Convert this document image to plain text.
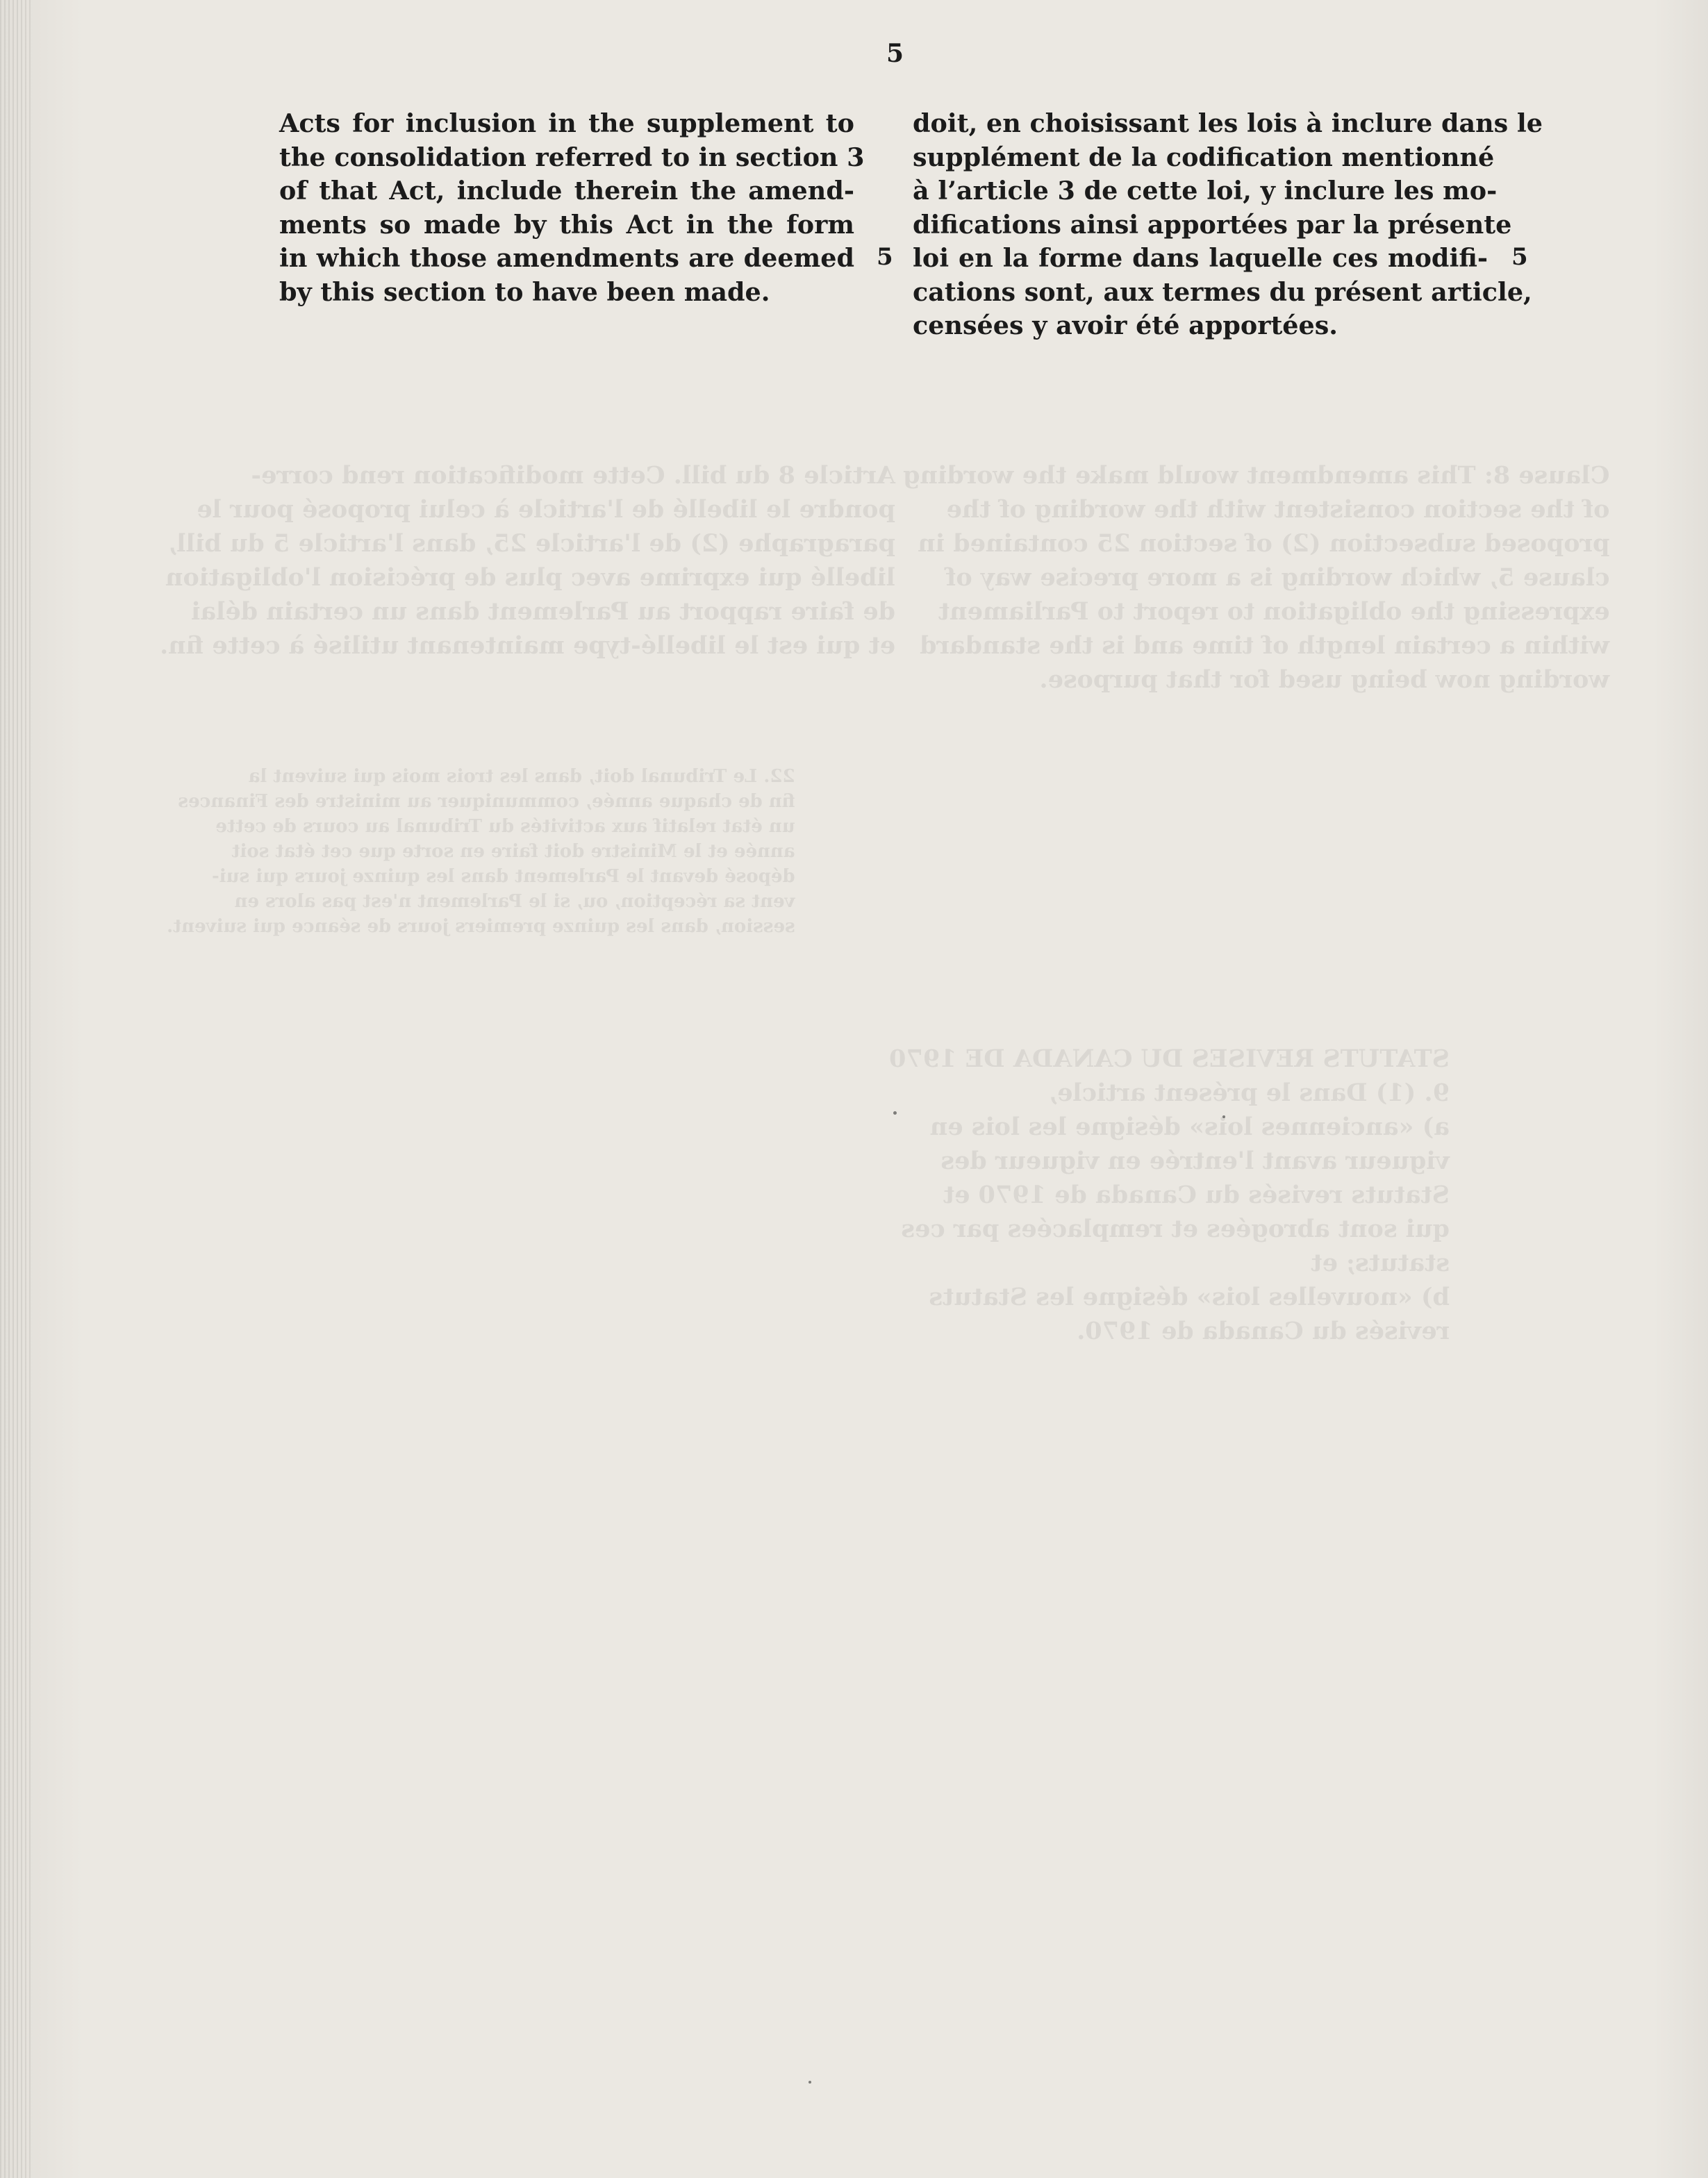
Article 8 du bill. Cette modification rend corre-
pondre le libellé de l'article à celui proposé pour le
paragraphe (2) de l'article 25, dans l'article 5 du bill,
libellé qui exprime avec plus de précision l'obligation
de faire rapport au Parlement dans un certain délai
et qui est le libellé-type maintenant utilisé à cette fin.
22. Le Tribunal doit, dans les trois mois qui suivent la
fin de chaque année, communiquer au ministre des Finances
un état relatif aux activités du Tribunal au cours de cette
année et le Ministre doit faire en sorte que cet état soit
déposé devant le Parlement dans les quinze jours qui sui-
vent sa réception, ou, si le Parlement n'est pas alors en
session, dans les quinze premiers jours de séance qui suivent.
Clause 8: This amendment would make the wording
of the section consistent with the wording of the
proposed subsection (2) of section 25 contained in
clause 5, which wording is a more precise way of
expressing the obligation to report to Parliament
within a certain length of time and is the standard
wording now being used for that purpose.
STATUTS REVISES DU CANADA DE 1970
9. (1) Dans le présent article,
a) «anciennes lois» désigne les lois en
vigueur avant l'entrée en vigueur des
Statuts revisés du Canada de 1970 et
qui sont abrogées et remplacées par ces
statuts; et
b) «nouvelles lois» désigne les Statuts
revisés du Canada de 1970.
5
Acts for inclusion in the supplement to
the consolidation referred to in section 3
of that Act, include therein the amend-
ments so made by this Act in the form
in which those amendments are deemed
by this section to have been made.
5
doit, en choisissant les lois à inclure dans le
supplément de la codification mentionné
à l’article 3 de cette loi, y inclure les mo-
difications ainsi apportées par la présente
loi en la forme dans laquelle ces modifi-
cations sont, aux termes du présent article,
censées y avoir été apportées.
5
